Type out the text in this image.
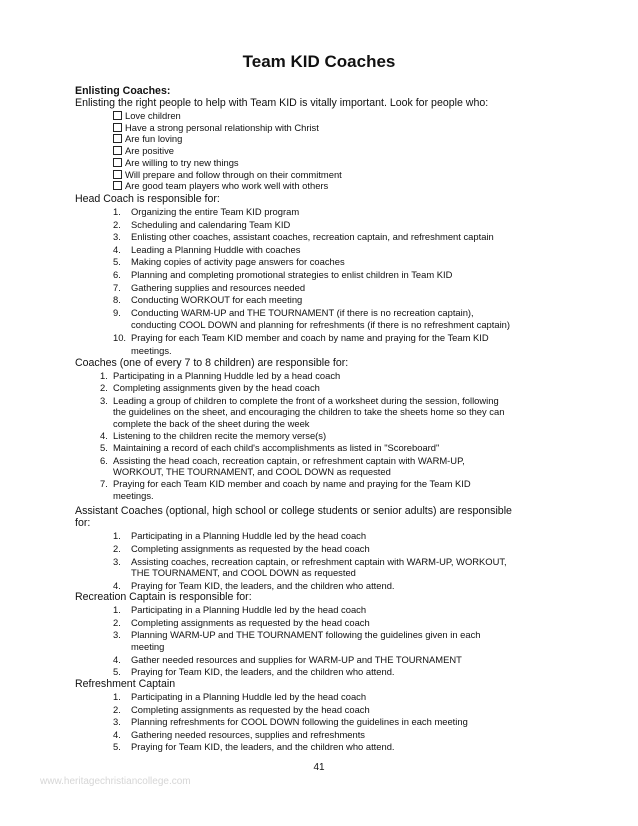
Team KID Coaches
Enlisting Coaches:
Enlisting the right people to help with Team KID is vitally important. Look for people who:
Love children
Have a strong personal relationship with Christ
Are fun loving
Are positive
Are willing to try new things
Will prepare and follow through on their commitment
Are good team players who work well with others
Head Coach is responsible for:
1. Organizing the entire Team KID program
2. Scheduling and calendaring Team KID
3. Enlisting other coaches, assistant coaches, recreation captain, and refreshment captain
4. Leading a Planning Huddle with coaches
5. Making copies of activity page answers for coaches
6. Planning and completing promotional strategies to enlist children in Team KID
7. Gathering supplies and resources needed
8. Conducting WORKOUT for each meeting
9. Conducting WARM-UP and THE TOURNAMENT (if there is no recreation captain),
conducting COOL DOWN and planning for refreshments (if there is no refreshment captain)
10. Praying for each Team KID member and coach by name and praying for the Team KID
meetings.
Coaches (one of every 7 to 8 children) are responsible for:
1. Participating in a Planning Huddle led by a head coach
2. Completing assignments given by the head coach
3. Leading a group of children to complete the front of a worksheet during the session, following
the guidelines on the sheet, and encouraging the children to take the sheets home so they can
complete the back of the sheet during the week
4. Listening to the children recite the memory verse(s)
5. Maintaining a record of each child's accomplishments as listed in "Scoreboard"
6. Assisting the head coach, recreation captain, or refreshment captain with WARM-UP,
WORKOUT, THE TOURNAMENT, and COOL DOWN as requested
7. Praying for each Team KID member and coach by name and praying for the Team KID
meetings.
Assistant Coaches (optional, high school or college students or senior adults) are responsible
for:
1. Participating in a Planning Huddle led by the head coach
2. Completing assignments as requested by the head coach
3. Assisting coaches, recreation captain, or refreshment captain with WARM-UP, WORKOUT,
THE TOURNAMENT, and COOL DOWN as requested
4. Praying for Team KID, the leaders, and the children who attend.
Recreation Captain is responsible for:
1. Participating in a Planning Huddle led by the head coach
2. Completing assignments as requested by the head coach
3. Planning WARM-UP and THE TOURNAMENT following the guidelines given in each
meeting
4. Gather needed resources and supplies for WARM-UP and THE TOURNAMENT
5. Praying for Team KID, the leaders, and the children who attend.
Refreshment Captain
1. Participating in a Planning Huddle led by the head coach
2. Completing assignments as requested by the head coach
3. Planning refreshments for COOL DOWN following the guidelines in each meeting
4. Gathering needed resources, supplies and refreshments
5. Praying for Team KID, the leaders, and the children who attend.
41
www.heritagechristiancollege.com
